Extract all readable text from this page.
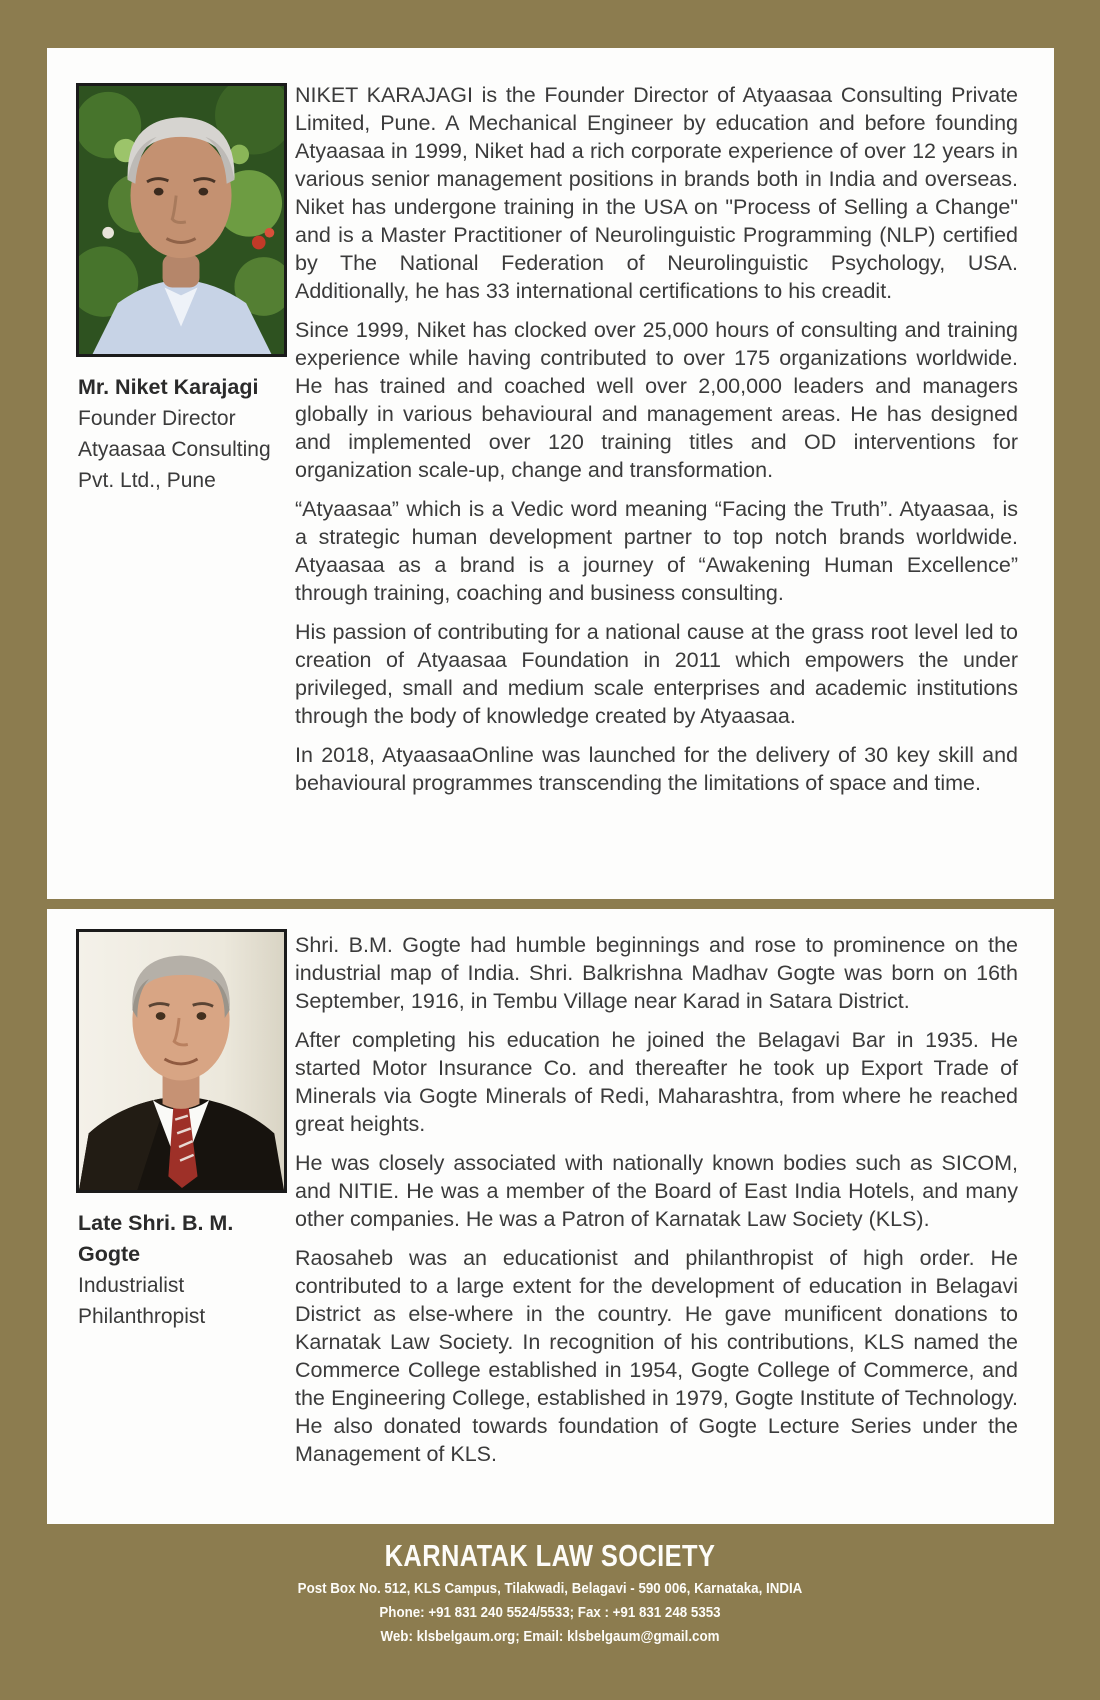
Mr. Niket Karajagi
Founder Director
Atyaasaa Consulting
Pvt. Ltd., Pune

NIKET KARAJAGI is the Founder Director of Atyaasaa Consulting Private Limited, Pune. A Mechanical Engineer by education and before founding Atyaasaa in 1999, Niket had a rich corporate experience of over 12 years in various senior management positions in brands both in India and overseas. Niket has undergone training in the USA on "Process of Selling a Change" and is a Master Practitioner of Neurolinguistic Programming (NLP) certified by The National Federation of Neurolinguistic Psychology, USA. Additionally, he has 33 international certifications to his creadit.

Since 1999, Niket has clocked over 25,000 hours of consulting and training experience while having contributed to over 175 organizations worldwide. He has trained and coached well over 2,00,000 leaders and managers globally in various behavioural and management areas. He has designed and implemented over 120 training titles and OD interventions for organization scale-up, change and transformation.

“Atyaasaa” which is a Vedic word meaning “Facing the Truth”. Atyaasaa, is a strategic human development partner to top notch brands worldwide. Atyaasaa as a brand is a journey of “Awakening Human Excellence” through training, coaching and business consulting.

His passion of contributing for a national cause at the grass root level led to creation of Atyaasaa Foundation in 2011 which empowers the under privileged, small and medium scale enterprises and academic institutions through the body of knowledge created by Atyaasaa.

In 2018, AtyaasaaOnline was launched for the delivery of 30 key skill and behavioural programmes transcending the limitations of space and time.

Late Shri. B. M. Gogte
Industrialist
Philanthropist

Shri. B.M. Gogte had humble beginnings and rose to prominence on the industrial map of India. Shri. Balkrishna Madhav Gogte was born on 16th September, 1916, in Tembu Village near Karad in Satara District.

After completing his education he joined the Belagavi Bar in 1935. He started Motor Insurance Co. and thereafter he took up Export Trade of Minerals via Gogte Minerals of Redi, Maharashtra, from where he reached great heights.

He was closely associated with nationally known bodies such as SICOM, and NITIE. He was a member of the Board of East India Hotels, and many other companies. He was a Patron of Karnatak Law Society (KLS).

Raosaheb was an educationist and philanthropist of high order. He contributed to a large extent for the development of education in Belagavi District as else-where in the country. He gave munificent donations to Karnatak Law Society. In recognition of his contributions, KLS named the Commerce College established in 1954, Gogte College of Commerce, and the Engineering College, established in 1979, Gogte Institute of Technology. He also donated towards foundation of Gogte Lecture Series under the Management of KLS.

KARNATAK LAW SOCIETY
Post Box No. 512, KLS Campus, Tilakwadi, Belagavi - 590 006, Karnataka, INDIA
Phone: +91 831 240 5524/5533; Fax : +91 831 248 5353
Web: klsbelgaum.org; Email: klsbelgaum@gmail.com
